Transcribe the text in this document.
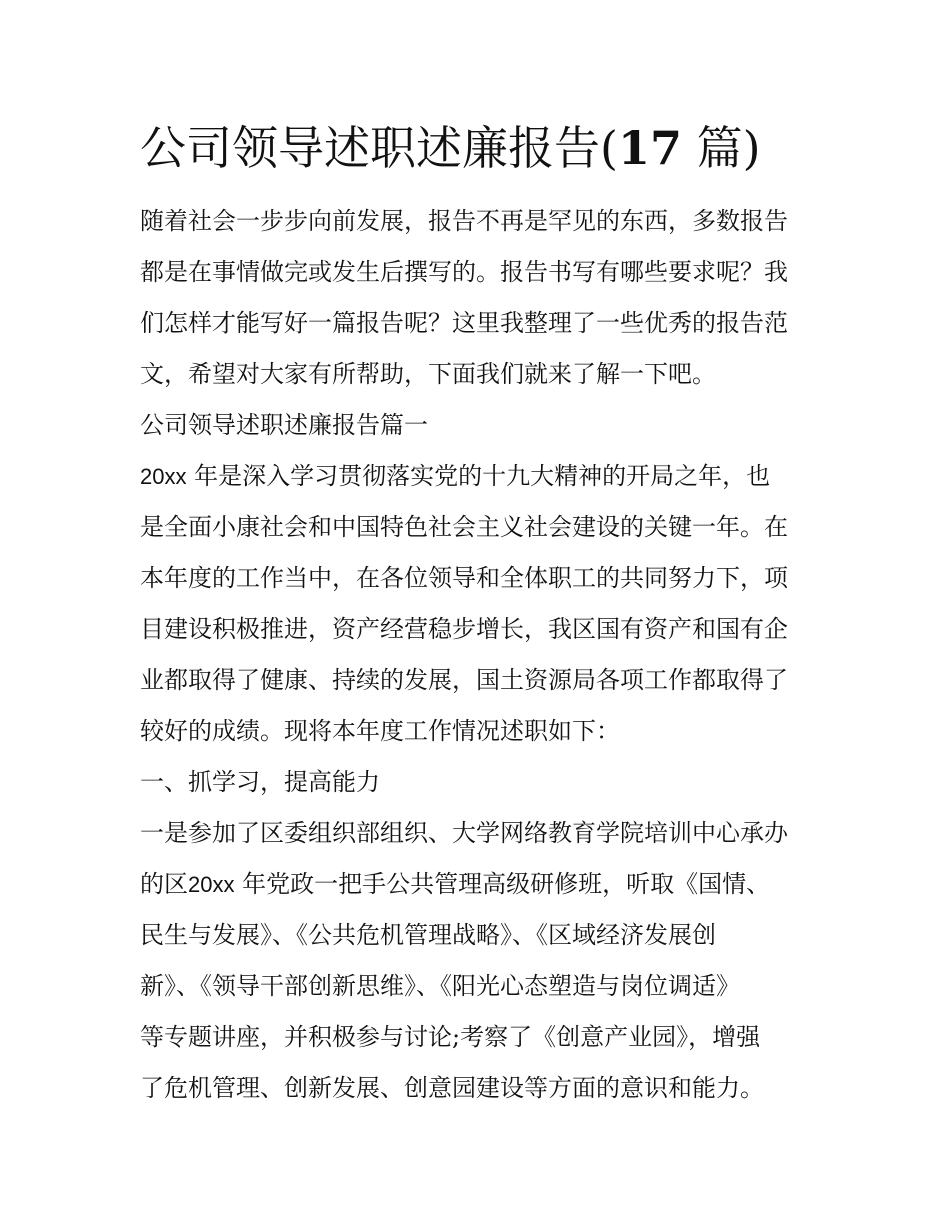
公司领导述职述廉报告(17 篇)
随着社会一步步向前发展，报告不再是罕见的东西，多数报告
都是在事情做完或发生后撰写的。报告书写有哪些要求呢？我
们怎样才能写好一篇报告呢？这里我整理了一些优秀的报告范
文，希望对大家有所帮助，下面我们就来了解一下吧。
公司领导述职述廉报告篇一
20xx 年是深入学习贯彻落实党的十九大精神的开局之年，也
是全面小康社会和中国特色社会主义社会建设的关键一年。在
本年度的工作当中，在各位领导和全体职工的共同努力下，项
目建设积极推进，资产经营稳步增长，我区国有资产和国有企
业都取得了健康、持续的发展，国土资源局各项工作都取得了
较好的成绩。现将本年度工作情况述职如下：
一、抓学习，提高能力
一是参加了区委组织部组织、大学网络教育学院培训中心承办
的区20xx 年党政一把手公共管理高级研修班，听取《国情、
民生与发展》、《公共危机管理战略》、《区域经济发展创
新》、《领导干部创新思维》、《阳光心态塑造与岗位调适》
等专题讲座，并积极参与讨论;考察了《创意产业园》，增强
了危机管理、创新发展、创意园建设等方面的意识和能力。
